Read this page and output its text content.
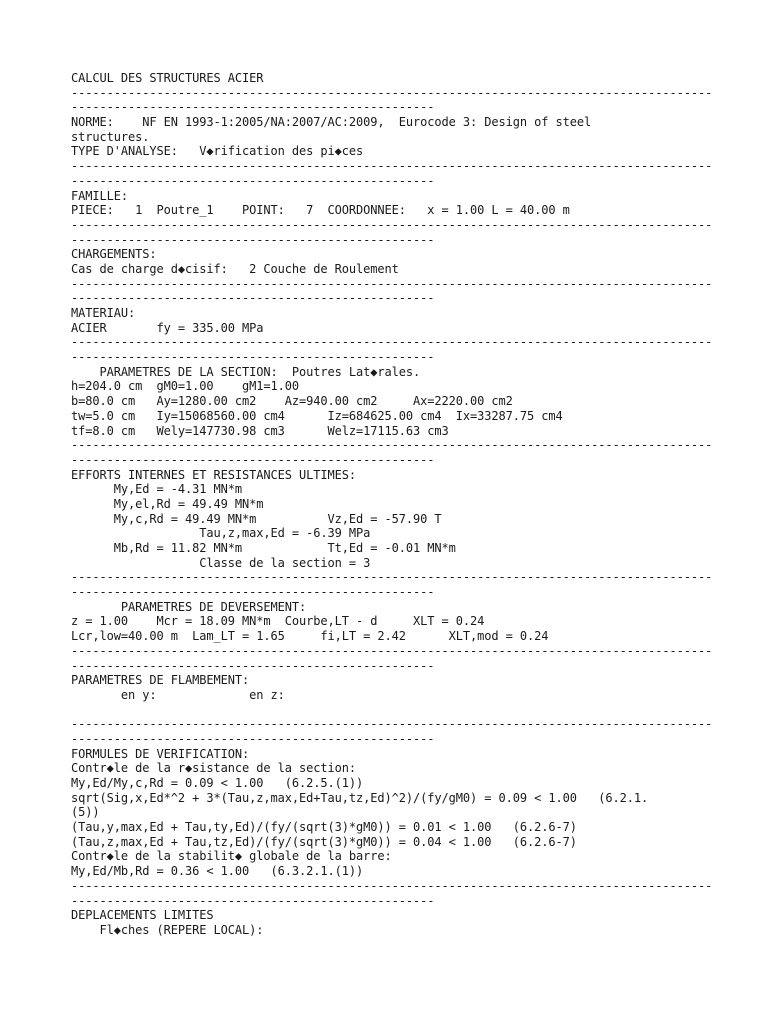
CALCUL DES STRUCTURES ACIER
------------------------------------------------------------------------------------------
---------------------------------------------------
NORME:    NF EN 1993-1:2005/NA:2007/AC:2009,  Eurocode 3: Design of steel
structures.
TYPE D'ANALYSE:   V◆rification des pi◆ces
------------------------------------------------------------------------------------------
---------------------------------------------------
FAMILLE:
PIECE:   1  Poutre_1    POINT:   7  COORDONNEE:   x = 1.00 L = 40.00 m
------------------------------------------------------------------------------------------
---------------------------------------------------
CHARGEMENTS:
Cas de charge d◆cisif:   2 Couche de Roulement
------------------------------------------------------------------------------------------
---------------------------------------------------
MATERIAU:
ACIER       fy = 335.00 MPa
------------------------------------------------------------------------------------------
---------------------------------------------------
PARAMETRES DE LA SECTION:  Poutres Lat◆rales.
h=204.0 cm  gM0=1.00    gM1=1.00
b=80.0 cm   Ay=1280.00 cm2    Az=940.00 cm2     Ax=2220.00 cm2
tw=5.0 cm   Iy=15068560.00 cm4      Iz=684625.00 cm4  Ix=33287.75 cm4
tf=8.0 cm   Wely=147730.98 cm3      Welz=17115.63 cm3
------------------------------------------------------------------------------------------
---------------------------------------------------
EFFORTS INTERNES ET RESISTANCES ULTIMES:
My,Ed = -4.31 MN*m
My,el,Rd = 49.49 MN*m
My,c,Rd = 49.49 MN*m          Vz,Ed = -57.90 T
Tau,z,max,Ed = -6.39 MPa
Mb,Rd = 11.82 MN*m            Tt,Ed = -0.01 MN*m
Classe de la section = 3
------------------------------------------------------------------------------------------
---------------------------------------------------
PARAMETRES DE DEVERSEMENT:
z = 1.00    Mcr = 18.09 MN*m  Courbe,LT - d     XLT = 0.24
Lcr,low=40.00 m  Lam_LT = 1.65     fi,LT = 2.42      XLT,mod = 0.24
------------------------------------------------------------------------------------------
---------------------------------------------------
PARAMETRES DE FLAMBEMENT:
en y:             en z:

------------------------------------------------------------------------------------------
---------------------------------------------------
FORMULES DE VERIFICATION:
Contr◆le de la r◆sistance de la section:
My,Ed/My,c,Rd = 0.09 < 1.00   (6.2.5.(1))
sqrt(Sig,x,Ed*^2 + 3*(Tau,z,max,Ed+Tau,tz,Ed)^2)/(fy/gM0) = 0.09 < 1.00   (6.2.1.
(5))
(Tau,y,max,Ed + Tau,ty,Ed)/(fy/(sqrt(3)*gM0)) = 0.01 < 1.00   (6.2.6-7)
(Tau,z,max,Ed + Tau,tz,Ed)/(fy/(sqrt(3)*gM0)) = 0.04 < 1.00   (6.2.6-7)
Contr◆le de la stabilit◆ globale de la barre:
My,Ed/Mb,Rd = 0.36 < 1.00   (6.3.2.1.(1))
------------------------------------------------------------------------------------------
---------------------------------------------------
DEPLACEMENTS LIMITES
Fl◆ches (REPERE LOCAL):
